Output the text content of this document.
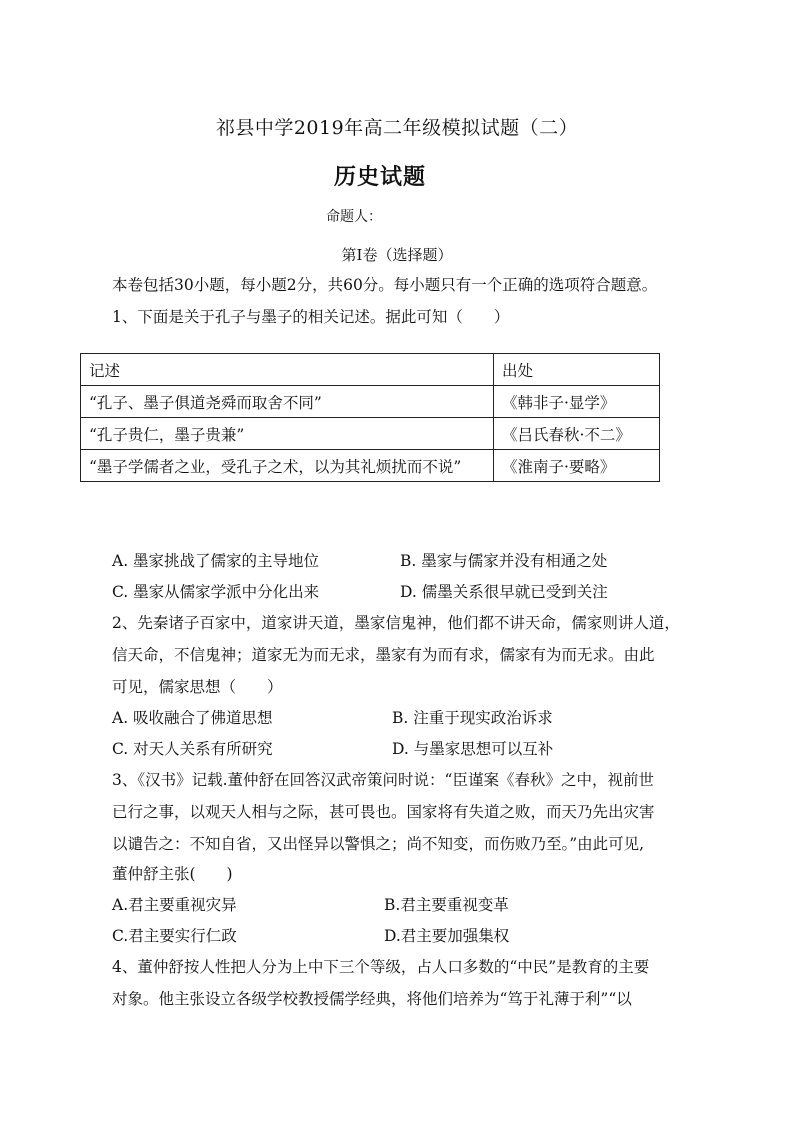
祁县中学2019年高二年级模拟试题（二）
历史试题
命题人：
第Ⅰ卷（选择题）
本卷包括30小题，每小题2分，共60分。每小题只有一个正确的选项符合题意。
1、下面是关于孔子与墨子的相关记述。据此可知（　　）
记述	出处
“孔子、墨子俱道尧舜而取舍不同”	《韩非子·显学》
“孔子贵仁，墨子贵兼”	《吕氏春秋·不二》
“墨子学儒者之业，受孔子之术，以为其礼烦扰而不说”	《淮南子·要略》
A. 墨家挑战了儒家的主导地位	B. 墨家与儒家并没有相通之处
C. 墨家从儒家学派中分化出来	D. 儒墨关系很早就已受到关注
2、先秦诸子百家中，道家讲天道，墨家信鬼神，他们都不讲天命，儒家则讲人道，
信天命，不信鬼神；道家无为而无求，墨家有为而有求，儒家有为而无求。由此
可见，儒家思想（　　）
A. 吸收融合了佛道思想	B. 注重于现实政治诉求
C. 对天人关系有所研究	D. 与墨家思想可以互补
3、《汉书》记载.董仲舒在回答汉武帝策问时说：“臣谨案《春秋》之中，视前世
已行之事，以观天人相与之际，甚可畏也。国家将有失道之败，而天乃先出灾害
以谴告之：不知自省，又出怪异以警惧之；尚不知变，而伤败乃至。”由此可见,
董仲舒主张(　　)
A.君主要重视灾异	B.君主要重视变革
C.君主要实行仁政	D.君主要加强集权
4、董仲舒按人性把人分为上中下三个等级，占人口多数的“中民”是教育的主要
对象。他主张设立各级学校教授儒学经典，将他们培养为“笃于礼薄于利”“以
